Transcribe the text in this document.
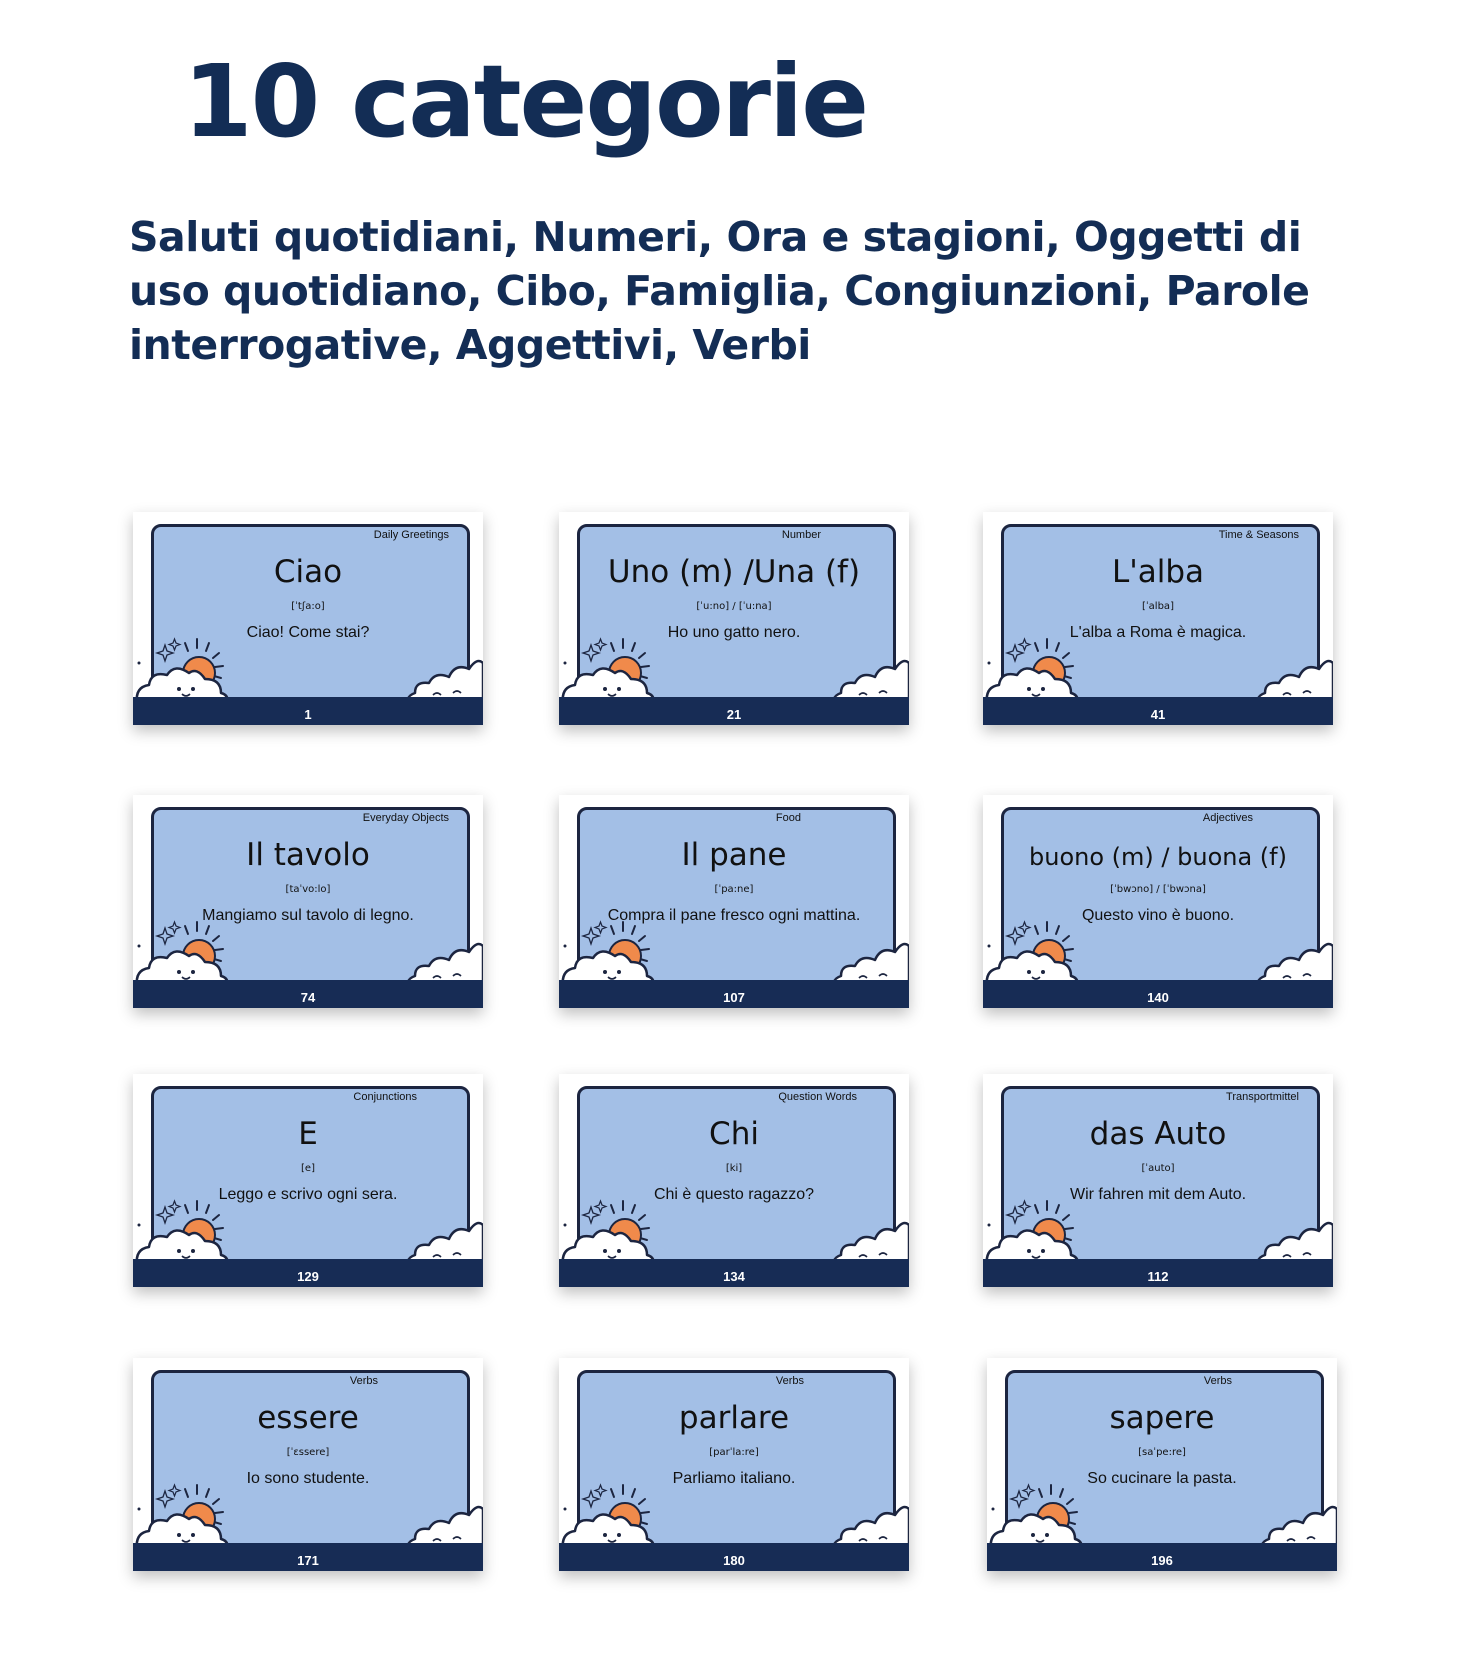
10 categorie

Saluti quotidiani, Numeri, Ora e stagioni, Oggetti di uso quotidiano, Cibo, Famiglia, Congiunzioni, Parole interrogative, Aggettivi, Verbi

Daily Greetings
Ciao
[ˈtʃa:o]
Ciao! Come stai?
1
Number
Uno (m) /Una (f)
[ˈu:no] / [ˈu:na]
Ho uno gatto nero.
21
Time & Seasons
L'alba
[ˈalba]
L'alba a Roma è magica.
41
Everyday Objects
Il tavolo
[taˈvo:lo]
Mangiamo sul tavolo di legno.
74
Food
Il pane
[ˈpa:ne]
Compra il pane fresco ogni mattina.
107
Adjectives
buono (m) / buona (f)
[ˈbwɔno] / [ˈbwɔna]
Questo vino è buono.
140
Conjunctions
E
[e]
Leggo e scrivo ogni sera.
129
Question Words
Chi
[ki]
Chi è questo ragazzo?
134
Transportmittel
das Auto
[ˈauto]
Wir fahren mit dem Auto.
112
Verbs
essere
[ˈɛssere]
Io sono studente.
171
Verbs
parlare
[parˈla:re]
Parliamo italiano.
180
Verbs
sapere
[saˈpe:re]
So cucinare la pasta.
196
